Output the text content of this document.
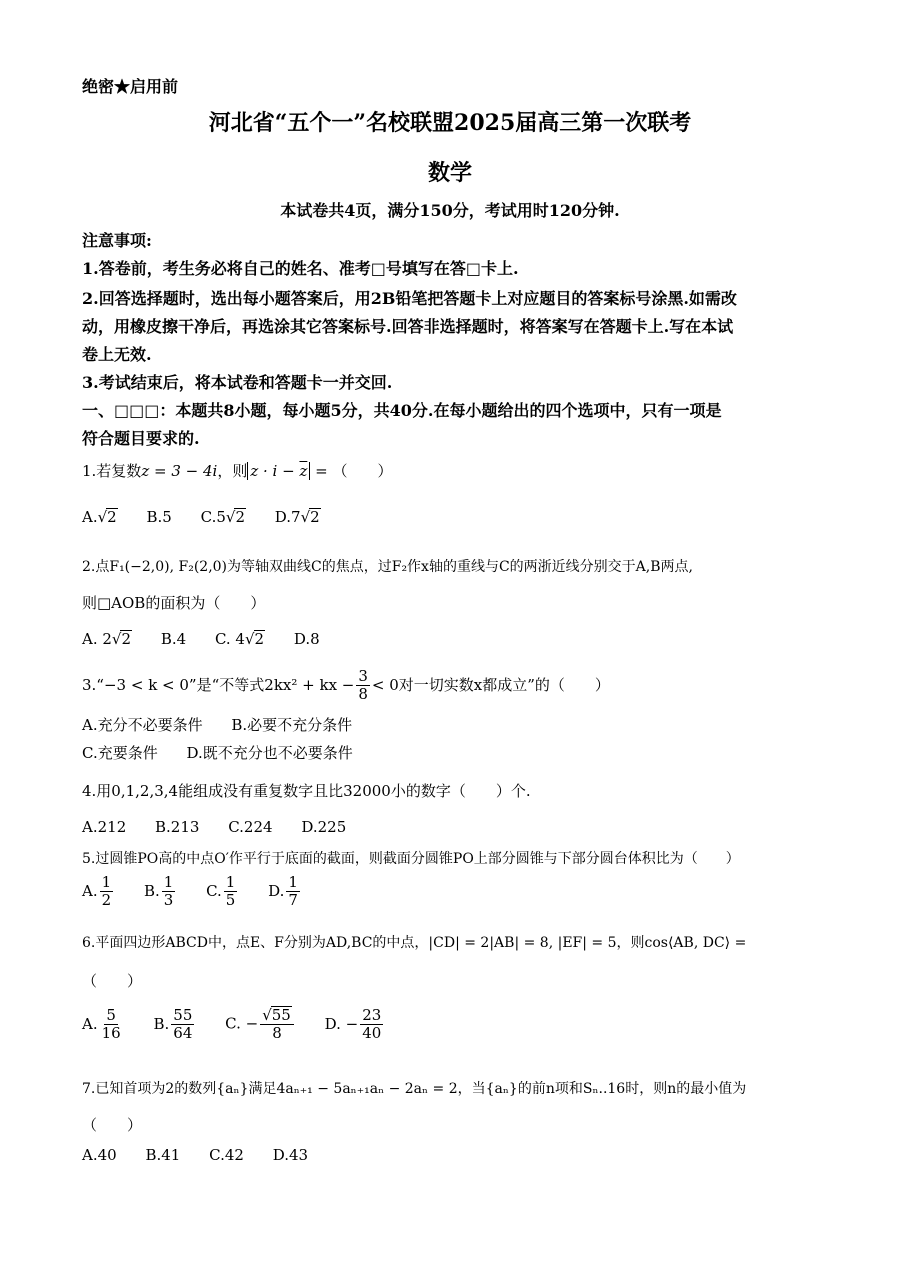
绝密★启用前
河北省“五个一”名校联盟2025届高三第一次联考
数学
本试卷共4页，满分150分，考试用时120分钟.
注意事项:
1.答卷前，考生务必将自己的姓名、准考□号填写在答□卡上.
2.回答选择题时，选出每小题答案后，用2B铅笔把答题卡上对应题目的答案标号涂黑.如需改
动，用橡皮擦干净后，再选涂其它答案标号.回答非选择题时，将答案写在答题卡上.写在本试
卷上无效.
3.考试结束后，将本试卷和答题卡一并交回.
一、□□□：本题共8小题，每小题5分，共40分.在每小题给出的四个选项中，只有一项是
符合题目要求的.
1.若复数z = 3 − 4i，则 $z \cdot i - \overline{z}$ = （　　）
A.√2 B.5 C.5√2 D.7√2
2.点F₁(−2,0), F₂(2,0)为等轴双曲线C的焦点，过F₂作x轴的重线与C的两浙近线分别交于A,B两点,
则□AOB的面积为（　　）
A. 2√2 B.4 C. 4√2 D.8
3.“−3 < k < 0”是“不等式2kx² + kx − $\frac{3}{8} < 0$对一切实数x都成立”的（　　）
A.充分不必要条件 B.必要不充分条件
C.充要条件 D.既不充分也不必要条件
4.用0,1,2,3,4能组成没有重复数字且比32000小的数字（　　）个.
A.212 B.213 C.224 D.225
5.过圆锥PO高的中点O′作平行于底面的截面，则截面分圆锥PO上部分圆锥与下部分圆台体积比为（　　）
A. $\frac{1}{2} B$. $\frac{1}{3} C$. $\frac{1}{5} D$. $\frac{1}{7}$
6.平面四边形ABCD中，点E、F分别为AD,BC的中点，|CD| = 2|AB| = 8, |EF| = 5，则cos⟨AB, DC⟩ =
（　　）
A. $\frac{5}{16} B$. $\frac{55}{64} C$. − $\frac{√55}{8} D$. − $\frac{23}{40}$
7.已知首项为2的数列{aₙ}满足4aₙ₊₁ − 5aₙ₊₁aₙ − 2aₙ = 2，当{aₙ}的前n项和Sₙ..16时，则n的最小值为
（　　）
A.40 B.41 C.42 D.43
